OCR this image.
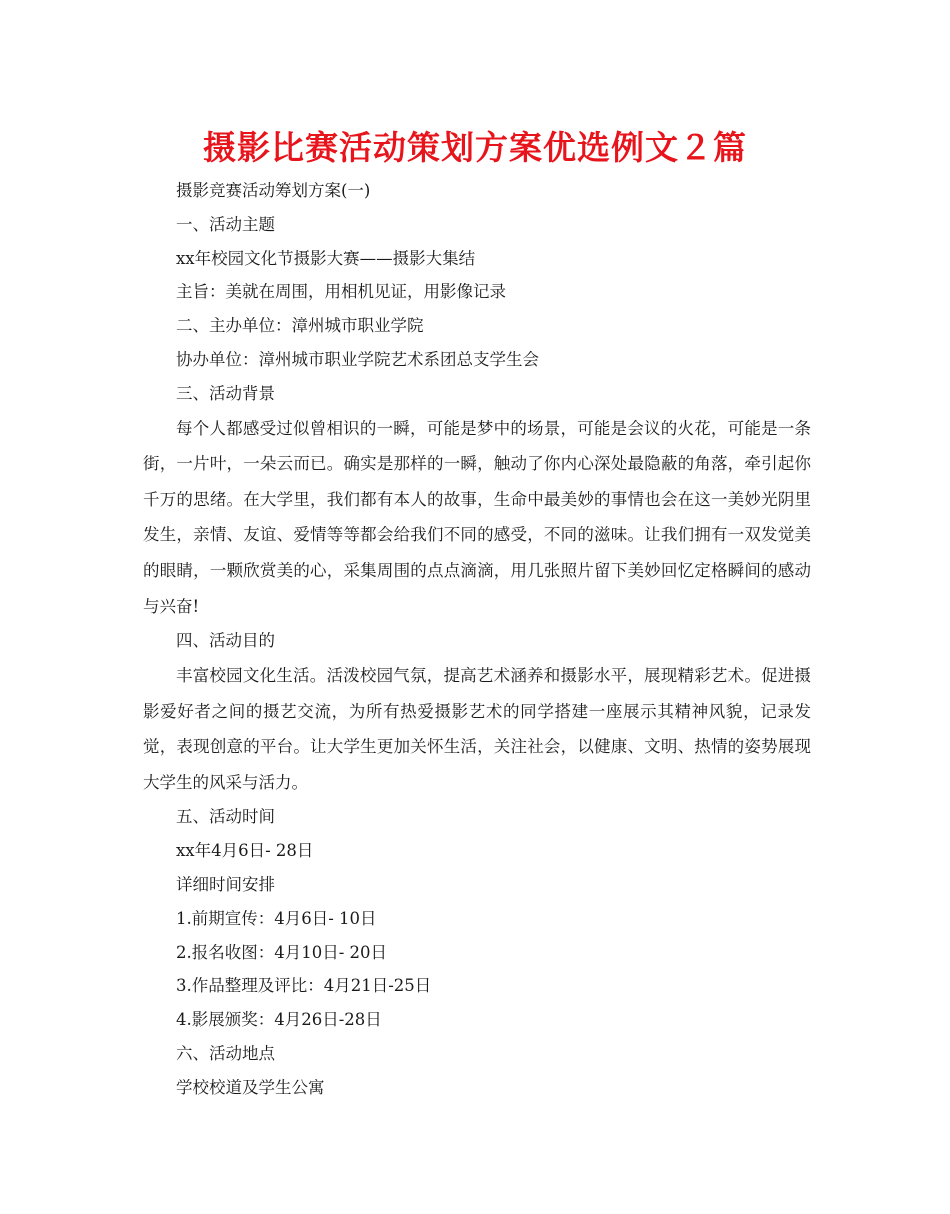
摄影比赛活动策划方案优选例文２篇

摄影竞赛活动筹划方案(一)

一、活动主题

xx年校园文化节摄影大赛——摄影大集结

主旨：美就在周围，用相机见证，用影像记录

二、主办单位：漳州城市职业学院

协办单位：漳州城市职业学院艺术系团总支学生会

三、活动背景

每个人都感受过似曾相识的一瞬，可能是梦中的场景，可能是会议的火花，可能是一条街，一片叶，一朵云而已。确实是那样的一瞬，触动了你内心深处最隐蔽的角落，牵引起你千万的思绪。在大学里，我们都有本人的故事，生命中最美妙的事情也会在这一美妙光阴里发生，亲情、友谊、爱情等等都会给我们不同的感受，不同的滋味。让我们拥有一双发觉美的眼睛，一颗欣赏美的心，采集周围的点点滴滴，用几张照片留下美妙回忆定格瞬间的感动与兴奋!

四、活动目的

丰富校园文化生活。活泼校园气氛，提高艺术涵养和摄影水平，展现精彩艺术。促进摄影爱好者之间的摄艺交流，为所有热爱摄影艺术的同学搭建一座展示其精神风貌，记录发觉，表现创意的平台。让大学生更加关怀生活，关注社会，以健康、文明、热情的姿势展现大学生的风采与活力。

五、活动时间

xx年4月6日- 28日

详细时间安排

1.前期宣传：4月6日- 10日

2.报名收图：4月10日- 20日

3.作品整理及评比：4月21日-25日

4.影展颁奖：4月26日-28日

六、活动地点

学校校道及学生公寓
